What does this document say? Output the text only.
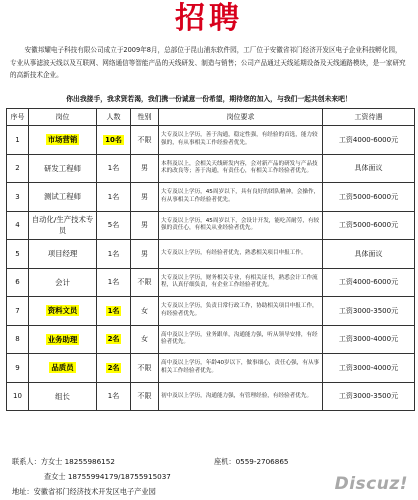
招聘
安徽邦耀电子科技有限公司成立于2009年8月，总部位于昆山浦东软件园，工厂位于安徽省祁门经济开发区电子企业科技孵化园，专业从事滤波天线以及互联网、网络通信等智能产品的天线研发、制造与销售；公司产品通过天线延期设备及天线通路模块，是一家研究的高新技术企业。
你出我接手，我求贤若渴，我们携一份诚意一份希望，期待您的加入，与我们一起共创未来吧！
序号	岗位	人数	性别	岗位要求	工资待遇
1	市场营销	10名	不限	大专及以上学历，善于沟通，稳定性强，有经验的首选，能力较强的，有从事相关工作经验者优先。	工资4000-6000元
2	研发工程师	1名	男	本科及以上，会相关天线研发内容，会对新产品的研发与产品技术的改良等；善于沟通，有责任心，有相关工作经验者优先。	具体面议
3	测试工程师	1名	男	大专及以上学历，45周岁以下，具有良好的团队精神，会操作，有从事相关工作经验者优先。	工资5000-6000元
4	自动化/生产技术专员	5名	男	大专及以上学历，45周岁以下，会设计开发，能吃苦耐劳，有较强的责任心，有相关从业经验者优先。	工资5000-6000元
5	项目经理	1名	男	大专及以上学历，有经验者优先，熟悉相关项目申报工作。	具体面议
6	会计	1名	不限	大专及以上学历，财务相关专业，有相关证书，熟悉会计工作流程，认真仔细负责，有企业工作经验者优先。	工资4000-6000元
7	资料文员	1名	女	大专及以上学历，负责日常行政工作，协助相关项目申报工作，有经验者优先。	工资3000-3500元
8	业务助理	2名	女	高中及以上学历，业务跟单，沟通能力强，听从领导安排，有经验者优先。	工资3000-4000元
9	品质员	2名	不限	高中及以上学历，年龄40岁以下，做事细心，责任心强，有从事相关工作经验者优先。	工资3000-4000元
10	组长	1名	不限	初中及以上学历，沟通能力强，有管理经验，有经验者优先。	工资3000-3500元
联系人：方女士 18255986152	座机：0559-2706865
查女士 18755994179/18755915037
地址：安徽省祁门经济技术开发区电子产业园	Discuz!
